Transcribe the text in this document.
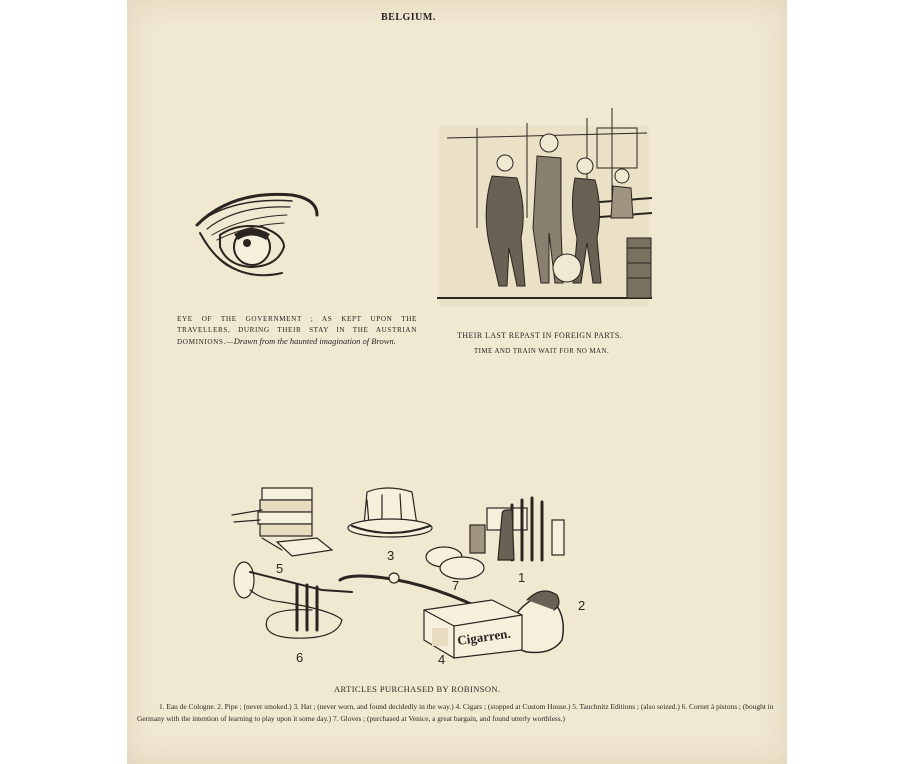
BELGIUM.
EYE OF THE GOVERNMENT ; AS KEPT UPON THE TRAVELLERS, DURING THEIR STAY IN THE AUSTRIAN DOMINIONS.—Drawn from the haunted imagination of Brown.
THEIR LAST REPAST IN FOREIGN PARTS.
TIME AND TRAIN WAIT FOR NO MAN.
Cigarren.
5
3
7
1
2
6	4
ARTICLES PURCHASED BY ROBINSON.
1. Eau de Cologne. 2. Pipe ; (never smoked.) 3. Hat ; (never worn, and found decidedly in the way.) 4. Cigars ; (stopped at Custom House.) 5. Tauchnitz Editions ; (also seized.) 6. Cornet à pistons ; (bought in Germany with the intention of learning to play upon it some day.) 7. Gloves ; (purchased at Venice, a great bargain, and found utterly worthless.)
